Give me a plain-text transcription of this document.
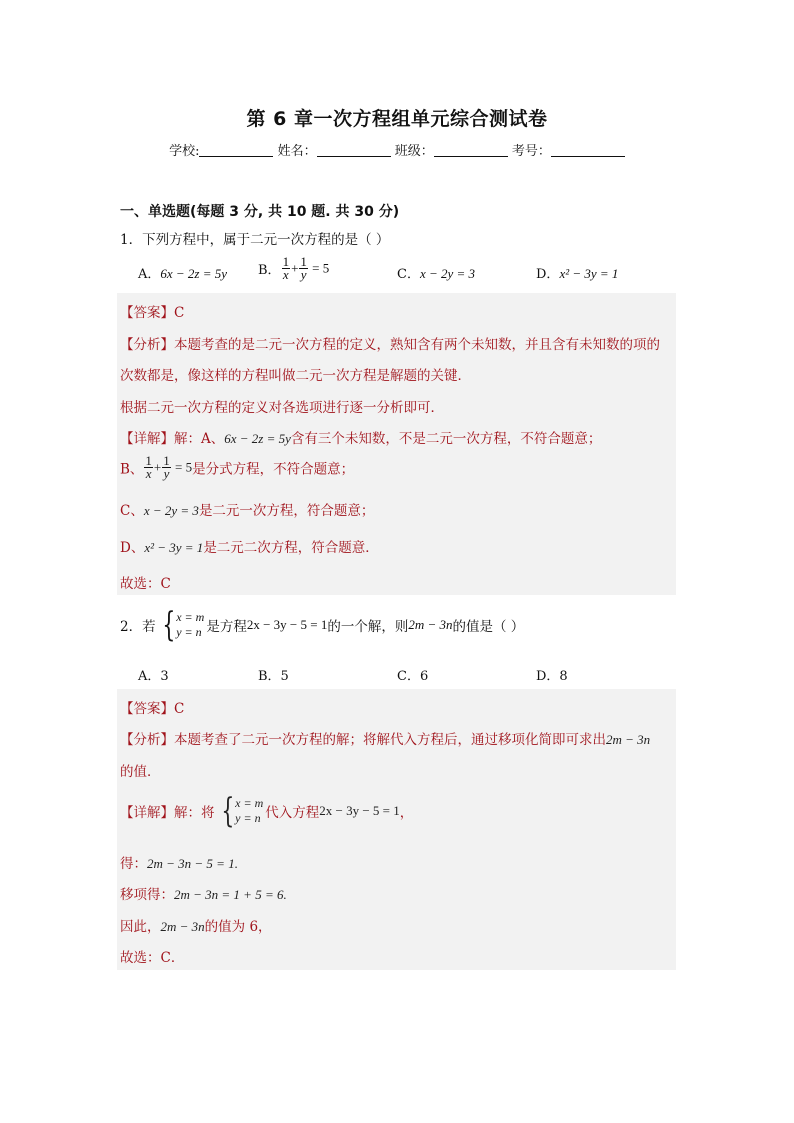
第 6 章一次方程组单元综合测试卷
学校:	姓名：	班级：	考号：
一、单选题(每题 3 分, 共 10 题. 共 30 分)
1．下列方程中，属于二元一次方程的是（ ）
A．6x − 2z = 5y B． $\frac{1}{x} + \frac{1}{y} = 5$	C．x − 2y = 3	D．x² − 3y = 1
【答案】C
【分析】本题考查的是二元一次方程的定义，熟知含有两个未知数，并且含有未知数的项的
次数都是，像这样的方程叫做二元一次方程是解题的关键．
根据二元一次方程的定义对各选项进行逐一分析即可．
【详解】解：A、6x − 2z = 5y含有三个未知数，不是二元一次方程，不符合题意；
B、 $\frac{1}{x} + \frac{1}{y} = 5$是分式方程，不符合题意；
C、x − 2y = 3是二元一次方程，符合题意；
D、x² − 3y = 1是二元二次方程，符合题意．
故选：C
2．若 { x = m
y = n 是方程2x − 3y − 5 = 1的一个解，则2m − 3n的值是（ ）
A．3	B．5	C．6	D．8
【答案】C
【分析】本题考查了二元一次方程的解；将解代入方程后，通过移项化简即可求出2m − 3n
的值．
【详解】解：将 { x = m
y = n 代入方程2x − 3y − 5 = 1，
得：2m − 3n − 5 = 1.
移项得：2m − 3n = 1 + 5 = 6.
因此，2m − 3n的值为 6，
故选：C．
